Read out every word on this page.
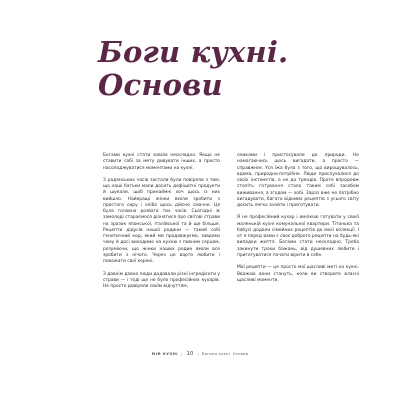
Боги кухні.
Основи

Богами кухні стати зовсім нескладно. Якщо не ставити собі за мету дивувати інших, а просто насолоджуватися моментами на кухні.

З радянських часів застали були повіряли з тим, що наші батьки мали досить дефіцитні продукти й шукали, щоб принаймні хоч щось із них вийшло. Найкращі жінки вміли зробити з простого сиру і хліба щось дійсно смачне. Ця була головна розвага тих часів. Сьогодні ж замолоді стараємося дізнатися про світові страви на зразок японської, італійської та й ще більше. Рецепти дідусів нашої родини — такий собі генетичний код, який ми продовжуємо, завдяки чому й досі виходимо на кухню з повним серцем, розуміючи, що жінки наших родин вміли все зробити з нічого. Через це варто любити і поважати свої корені.

З давнім давно люди додавали різні інгредієнти у страви — і тоді ще не було професійних кухарів. Не просто довіряли своїм відчуттям,

смаками і пристосували до природи. Не намагаючись щось вигадати, а просто — справжнім. Уся їжа була з того, що вирощувалось, вдома, природно-потрібне. Люди прислухалися до своїх інстинктів, а не до трендів. Проте впродовж століть готування стало таким собі засобом виживання, а згодом — хобі. Зараз вже не потрібно вигадувати, багато відомих рецептів з усього світу досить легко знайти і приготувати.

Я не професійний кухар і вмілкою готувати у своєї маленькій кухні комунальної квартири. Тітонька та бабусі додали сімейних рецептів до моєї колекції. І от я перед вами є своє доброго рецепти на будь-які випадки життя. Богами стати нескладно. Треба закинути трохи бажань, від душевних любити і приготуватися почати вірити в себе.

Мої рецепти — це просто мої щасливі миті на кухні. Вважаю вони стануть, коли ви створите власні щасливі моменти.

МІЙ КУХНІ | 10 | Богиня кухні. Основи
